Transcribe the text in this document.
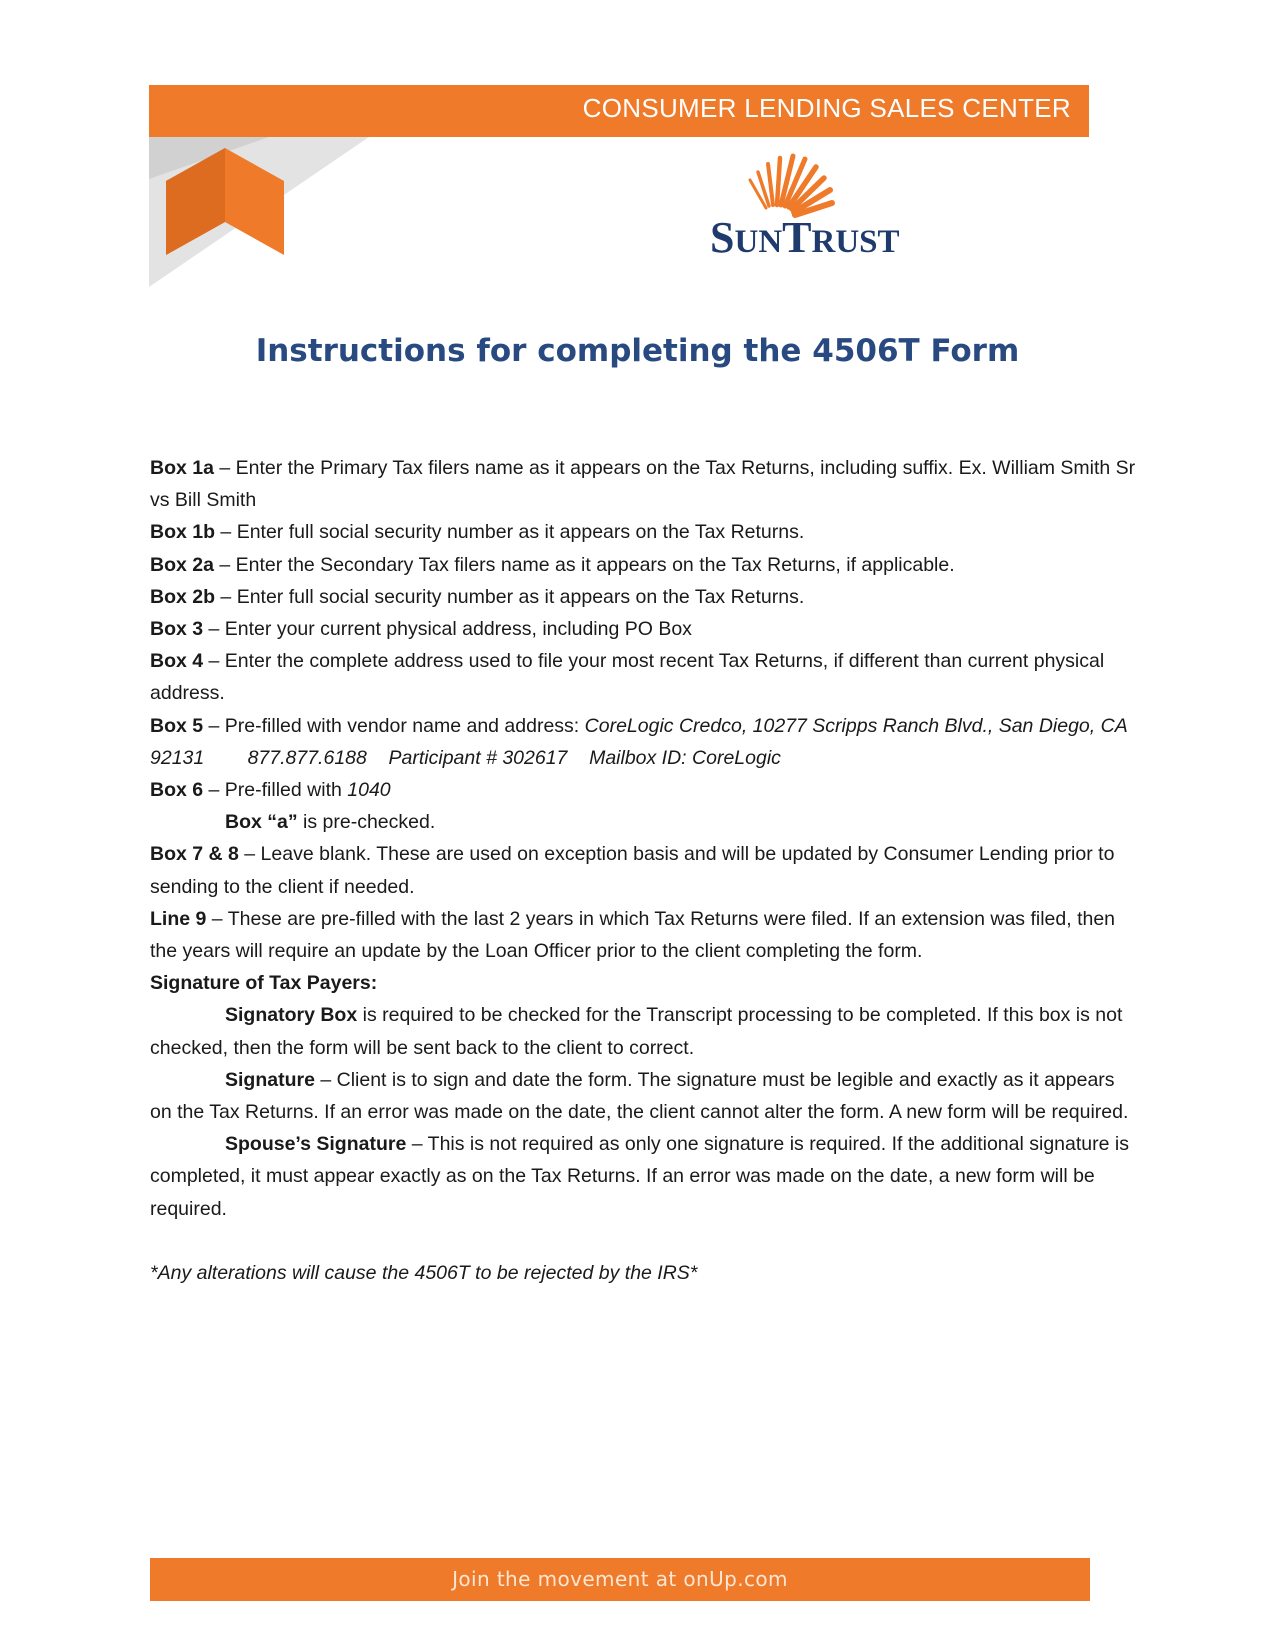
CONSUMER LENDING SALES CENTER
SUNTRUST
Instructions for completing the 4506T Form

Box 1a – Enter the Primary Tax filers name as it appears on the Tax Returns, including suffix. Ex. William Smith Sr vs Bill Smith

Box 1b – Enter full social security number as it appears on the Tax Returns.

Box 2a – Enter the Secondary Tax filers name as it appears on the Tax Returns, if applicable.

Box 2b – Enter full social security number as it appears on the Tax Returns.

Box 3 – Enter your current physical address, including PO Box

Box 4 – Enter the complete address used to file your most recent Tax Returns, if different than current physical address.

Box 5 – Pre-filled with vendor name and address: CoreLogic Credco, 10277 Scripps Ranch Blvd., San Diego, CA 92131        877.877.6188    Participant # 302617    Mailbox ID: CoreLogic

Box 6 – Pre-filled with 1040

Box “a” is pre-checked.

Box 7 & 8 – Leave blank. These are used on exception basis and will be updated by Consumer Lending prior to sending to the client if needed.

Line 9 – These are pre-filled with the last 2 years in which Tax Returns were filed. If an extension was filed, then the years will require an update by the Loan Officer prior to the client completing the form.

Signature of Tax Payers:

Signatory Box is required to be checked for the Transcript processing to be completed. If this box is not checked, then the form will be sent back to the client to correct.

Signature – Client is to sign and date the form. The signature must be legible and exactly as it appears on the Tax Returns. If an error was made on the date, the client cannot alter the form. A new form will be required.

Spouse’s Signature – This is not required as only one signature is required. If the additional signature is completed, it must appear exactly as on the Tax Returns. If an error was made on the date, a new form will be required.

*Any alterations will cause the 4506T to be rejected by the IRS*

Join the movement at onUp.com
